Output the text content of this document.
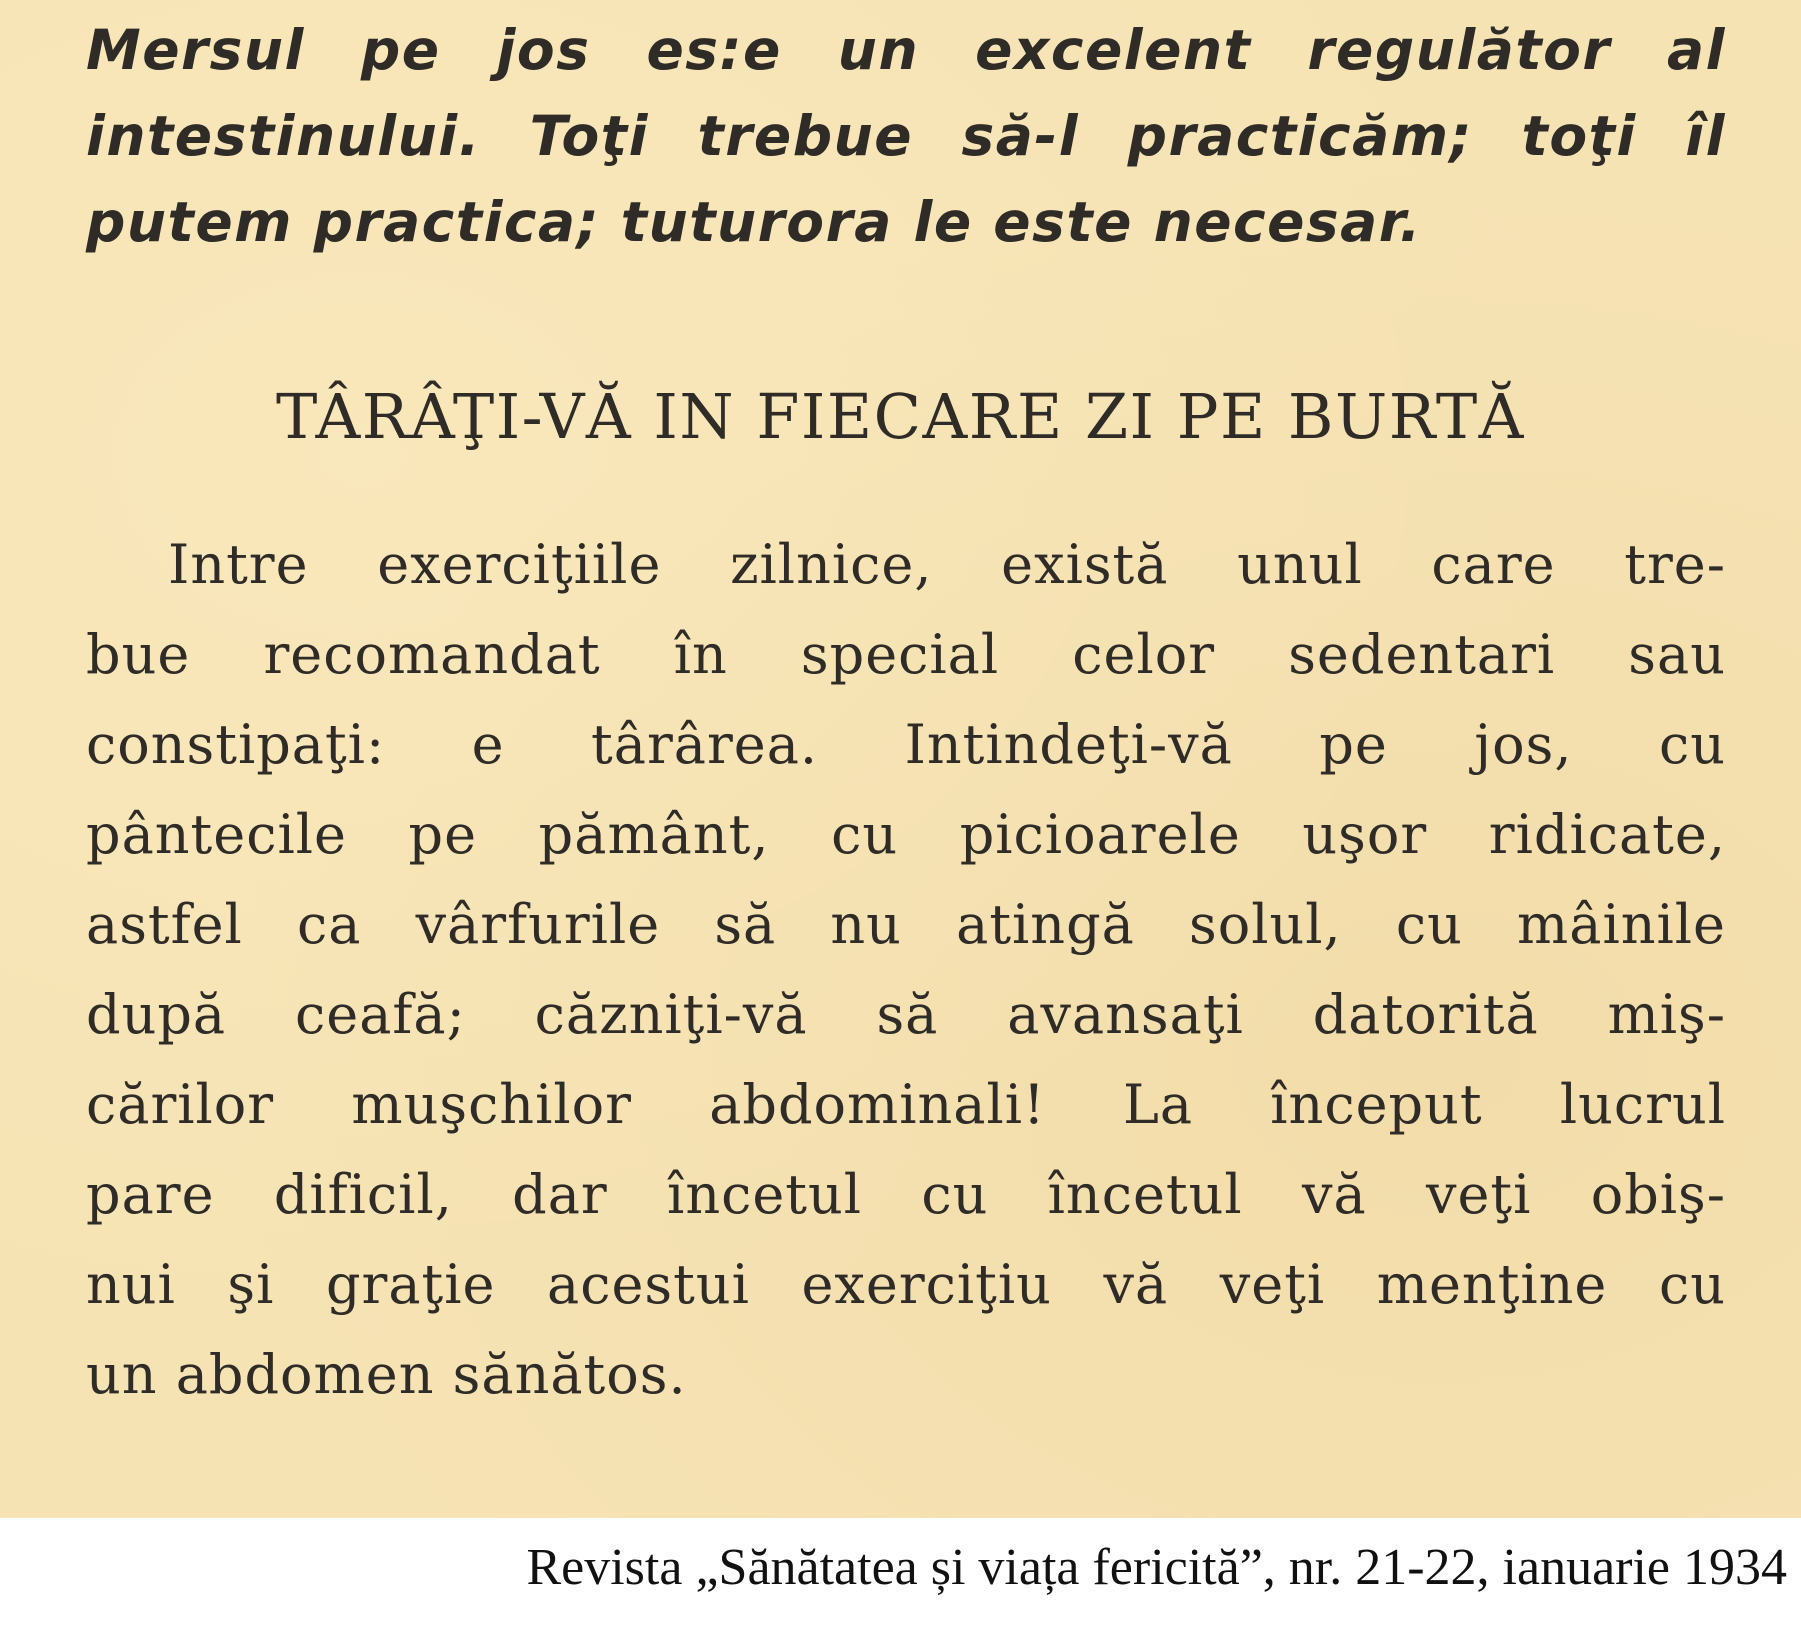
Mersul pe jos es:e un excelent regulător al
intestinului. Toţi trebue să-l practicăm; toţi îl
putem practica; tuturora le este necesar.
TÂRÂŢI-VĂ IN FIECARE ZI PE BURTĂ
Intre exerciţiile zilnice, există unul care tre-
bue recomandat în special celor sedentari sau
constipaţi: e târârea. Intindeţi-vă pe jos, cu
pântecile pe pământ, cu picioarele uşor ridicate,
astfel ca vârfurile să nu atingă solul, cu mâinile
după ceafă; căzniţi-vă să avansaţi datorită miş-
cărilor muşchilor abdominali! La început lucrul
pare dificil, dar încetul cu încetul vă veţi obiş-
nui şi graţie acestui exerciţiu vă veţi menţine cu
un abdomen sănătos.
Revista „Sănătatea și viața fericită”, nr. 21-22, ianuarie 1934
